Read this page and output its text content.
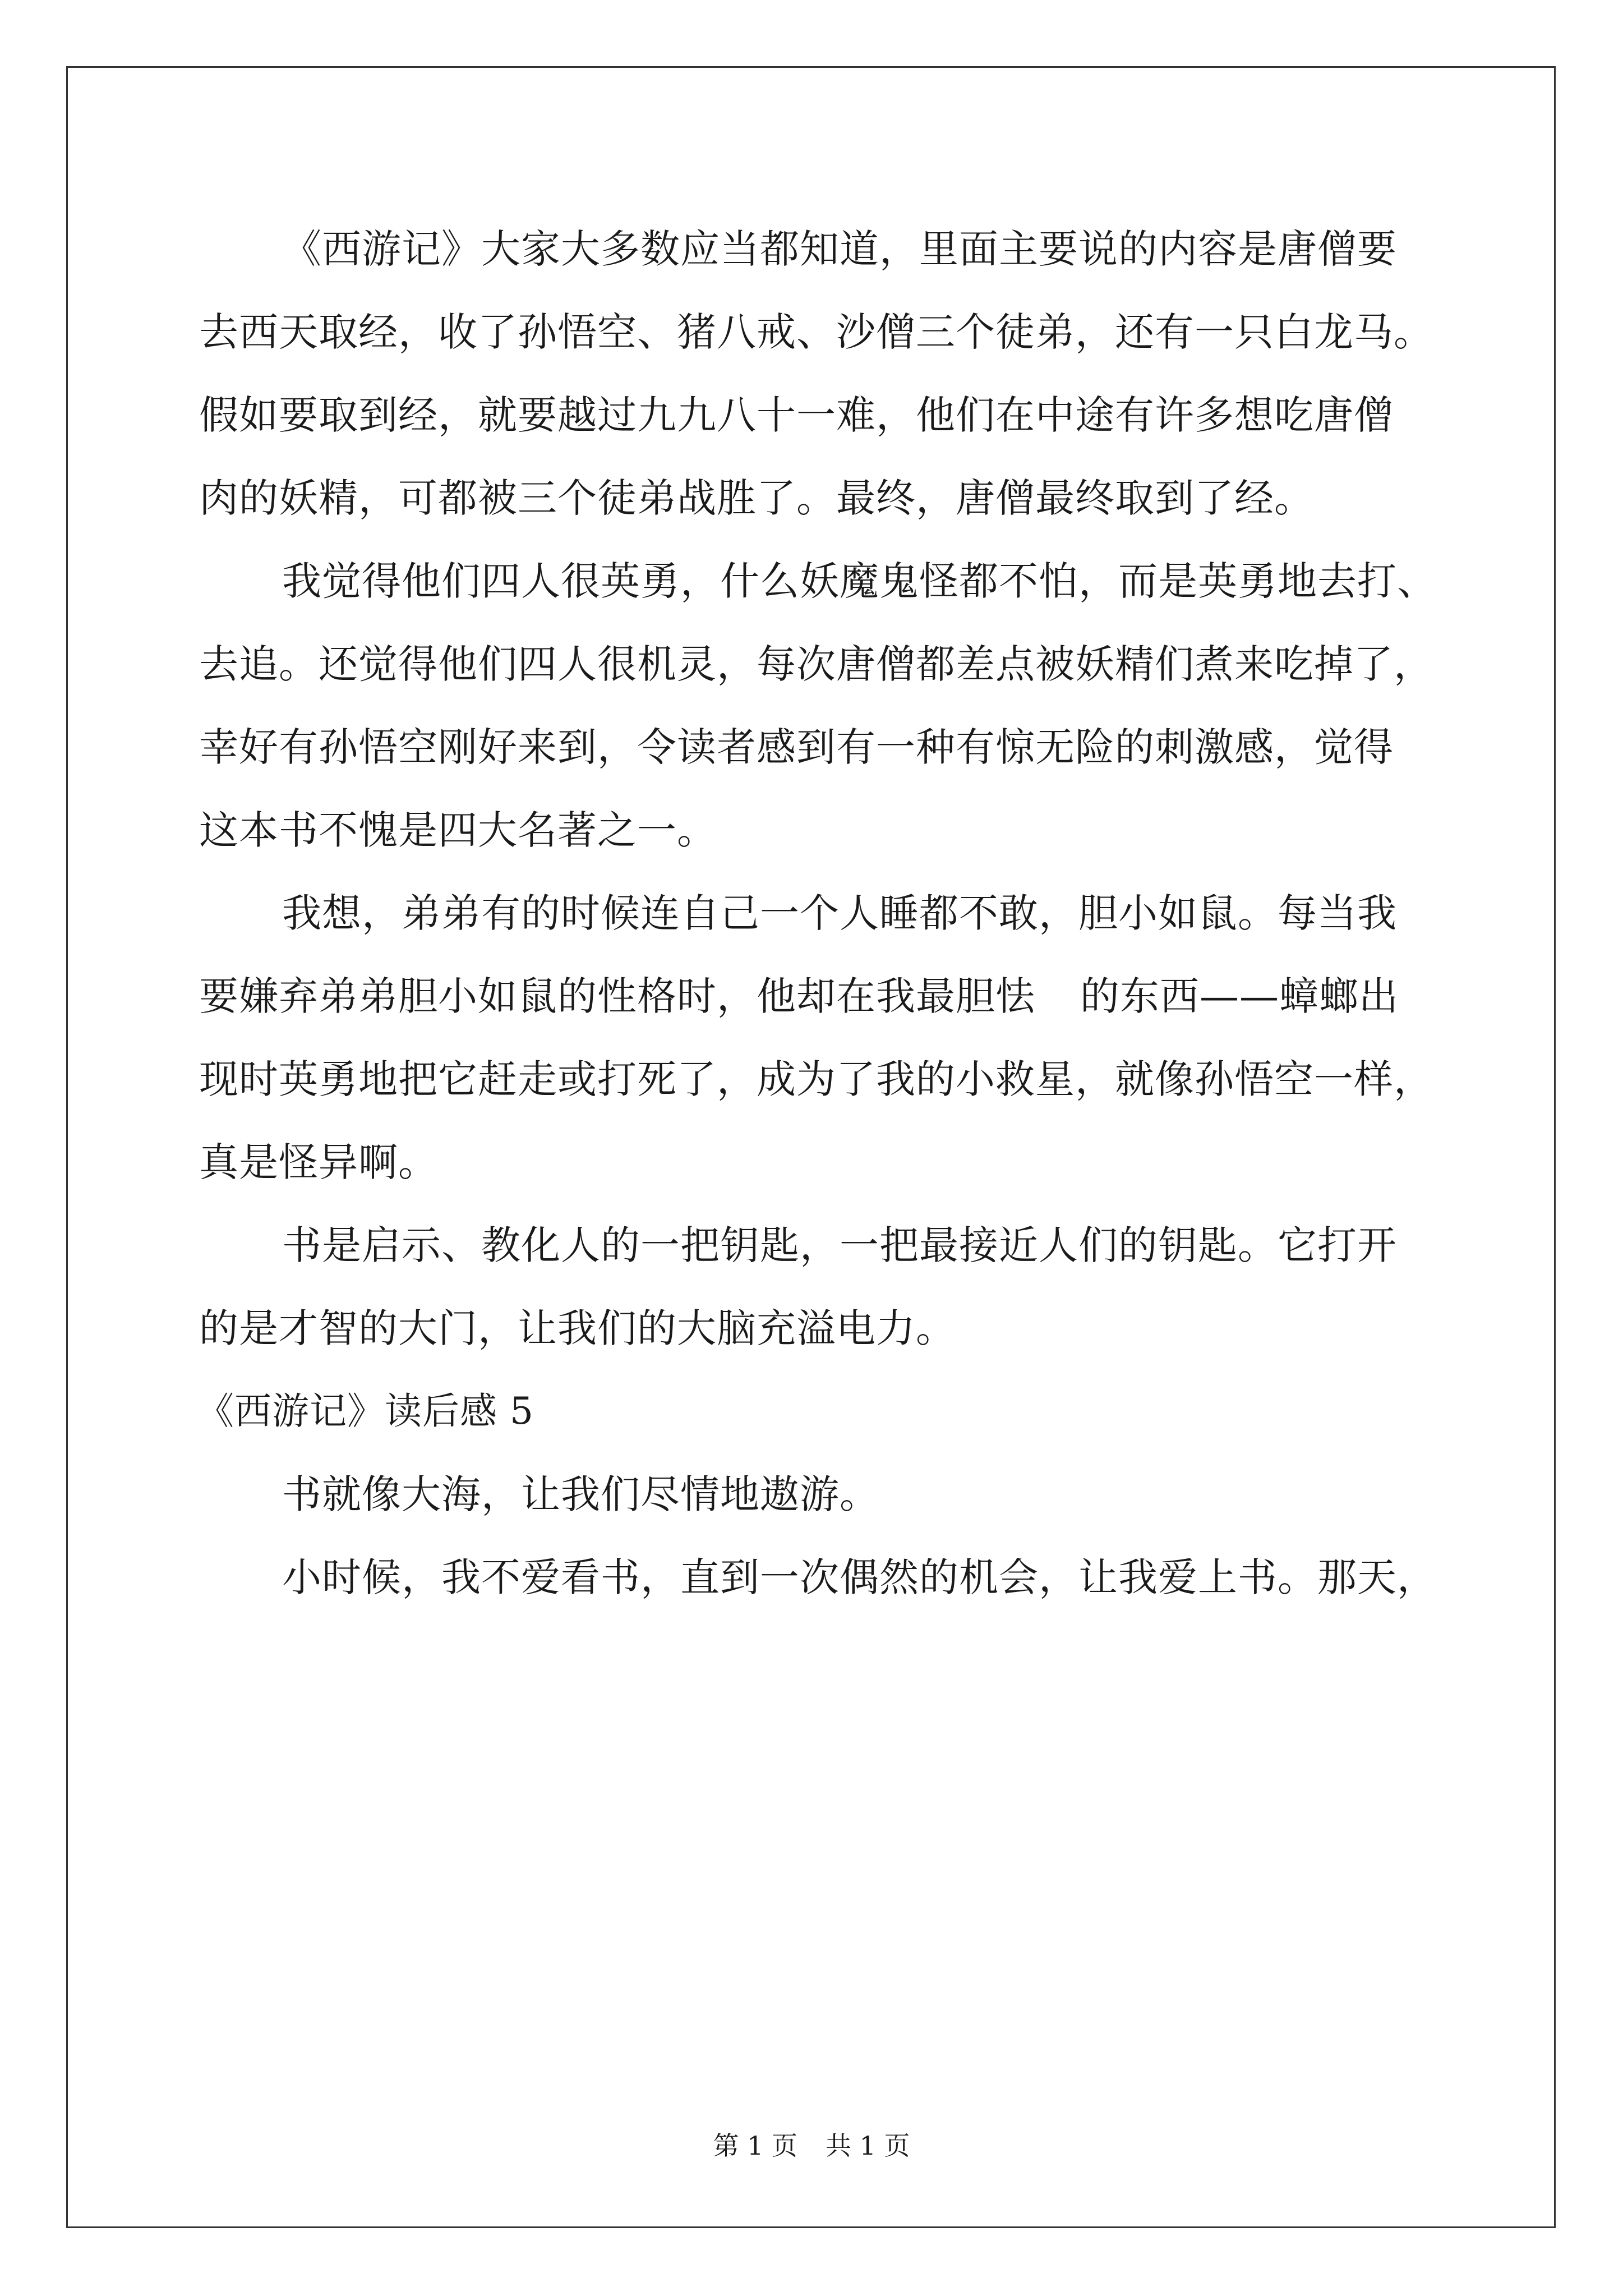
《西游记》大家大多数应当都知道，里面主要说的内容是唐僧要
去西天取经，收了孙悟空、猪八戒、沙僧三个徒弟，还有一只白龙马。
假如要取到经，就要越过九九八十一难，他们在中途有许多想吃唐僧
肉的妖精，可都被三个徒弟战胜了。最终，唐僧最终取到了经。
我觉得他们四人很英勇，什么妖魔鬼怪都不怕，而是英勇地去打、
去追。还觉得他们四人很机灵，每次唐僧都差点被妖精们煮来吃掉了，
幸好有孙悟空刚好来到，令读者感到有一种有惊无险的刺激感，觉得
这本书不愧是四大名著之一。
我想，弟弟有的时候连自己一个人睡都不敢，胆小如鼠。每当我
要嫌弃弟弟胆小如鼠的性格时，他却在我最胆怯 的东西——蟑螂出
现时英勇地把它赶走或打死了，成为了我的小救星，就像孙悟空一样，
真是怪异啊。
书是启示、教化人的一把钥匙，一把最接近人们的钥匙。它打开
的是才智的大门，让我们的大脑充溢电力。
《西游记》读后感 5
书就像大海，让我们尽情地遨游。
小时候，我不爱看书，直到一次偶然的机会，让我爱上书。那天，
第 1 页 共 1 页
